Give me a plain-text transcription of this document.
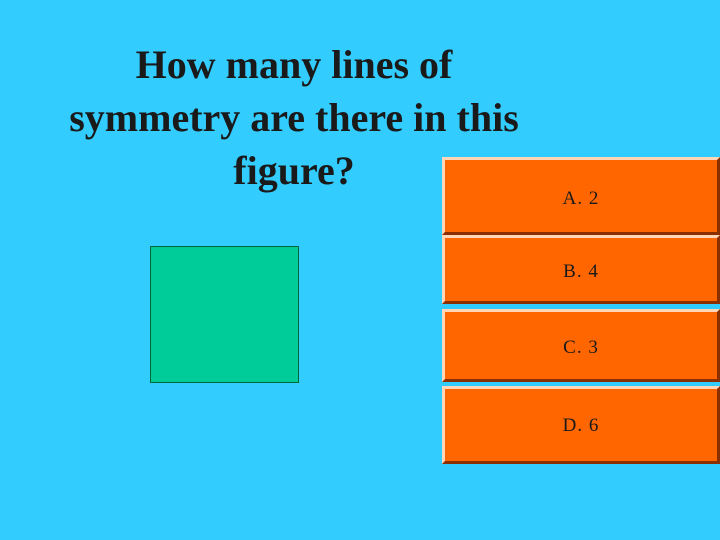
How many lines of
symmetry are there in this
figure?
A. 2
B. 4
C. 3
D. 6
